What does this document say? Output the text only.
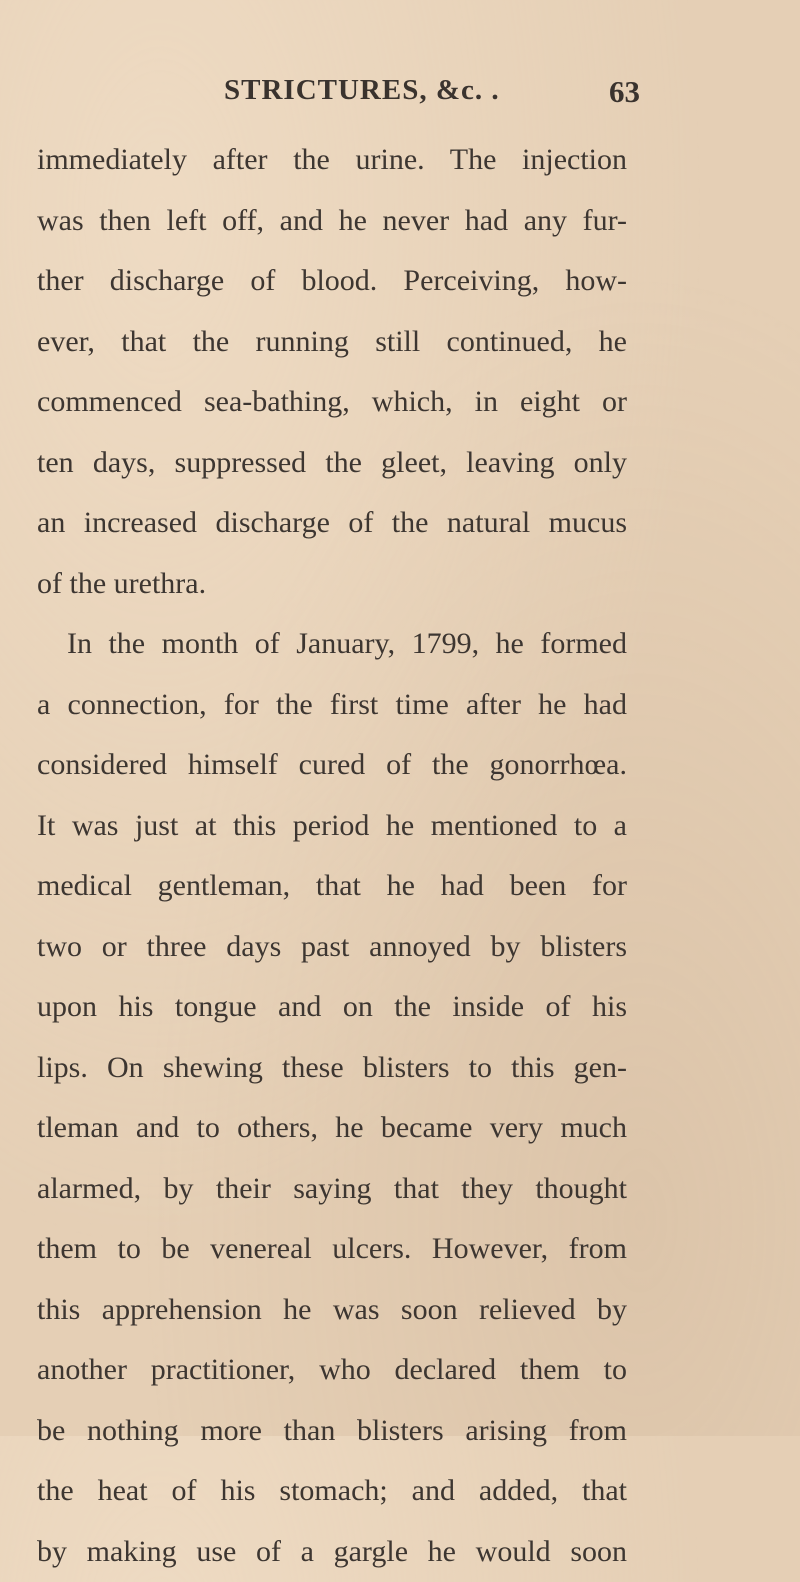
STRICTURES, &c. .	63
immediately after the urine. The injection
was then left off, and he never had any fur-
ther discharge of blood. Perceiving, how-
ever, that the running still continued, he
commenced sea-bathing, which, in eight or
ten days, suppressed the gleet, leaving only
an increased discharge of the natural mucus
of the urethra.
In the month of January, 1799, he formed
a connection, for the first time after he had
considered himself cured of the gonorrhœa.
It was just at this period he mentioned to a
medical gentleman, that he had been for
two or three days past annoyed by blisters
upon his tongue and on the inside of his
lips. On shewing these blisters to this gen-
tleman and to others, he became very much
alarmed, by their saying that they thought
them to be venereal ulcers. However, from
this apprehension he was soon relieved by
another practitioner, who declared them to
be nothing more than blisters arising from
the heat of his stomach; and added, that
by making use of a gargle he would soon
